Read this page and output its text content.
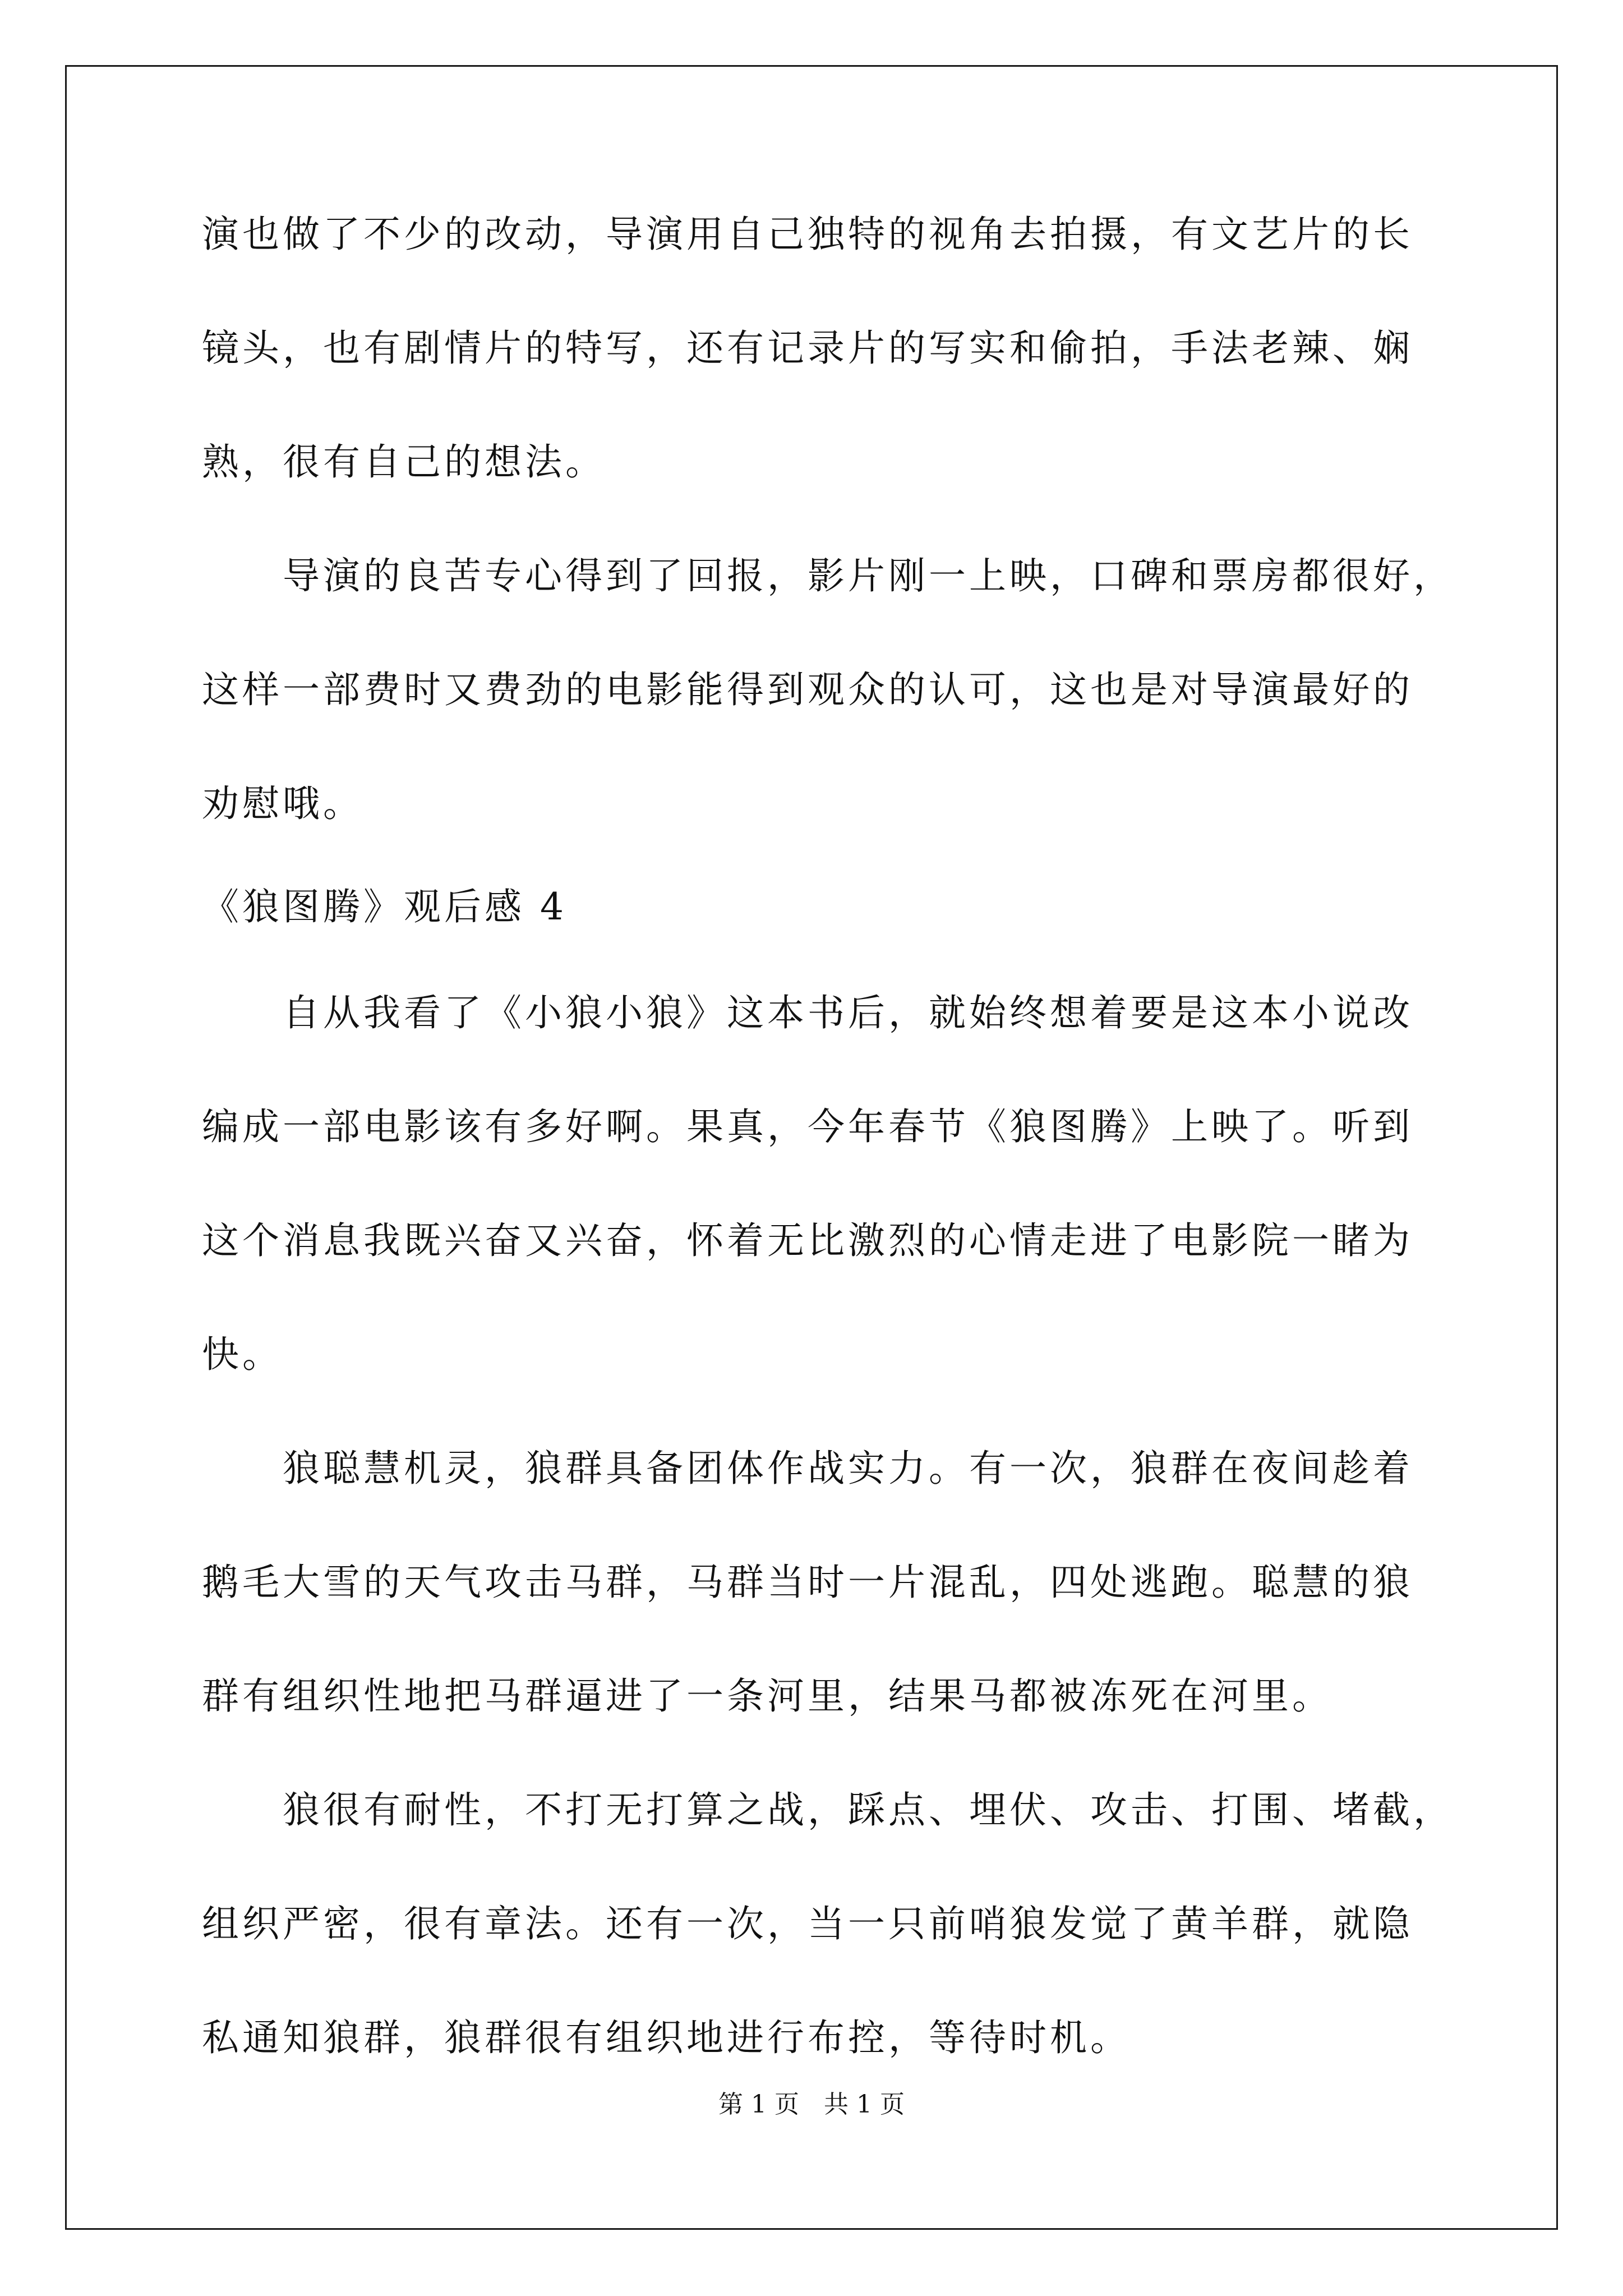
演也做了不少的改动，导演用自己独特的视角去拍摄，有文艺片的长
镜头，也有剧情片的特写，还有记录片的写实和偷拍，手法老辣、娴
熟，很有自己的想法。
　　导演的良苦专心得到了回报，影片刚一上映，口碑和票房都很好，
这样一部费时又费劲的电影能得到观众的认可，这也是对导演最好的
劝慰哦。
《狼图腾》观后感 4
　　自从我看了《小狼小狼》这本书后，就始终想着要是这本小说改
编成一部电影该有多好啊。果真，今年春节《狼图腾》上映了。听到
这个消息我既兴奋又兴奋，怀着无比激烈的心情走进了电影院一睹为
快。
　　狼聪慧机灵，狼群具备团体作战实力。有一次，狼群在夜间趁着
鹅毛大雪的天气攻击马群，马群当时一片混乱，四处逃跑。聪慧的狼
群有组织性地把马群逼进了一条河里，结果马都被冻死在河里。
　　狼很有耐性，不打无打算之战，踩点、埋伏、攻击、打围、堵截，
组织严密，很有章法。还有一次，当一只前哨狼发觉了黄羊群，就隐
私通知狼群，狼群很有组织地进行布控，等待时机。
第 1 页　共 1 页
